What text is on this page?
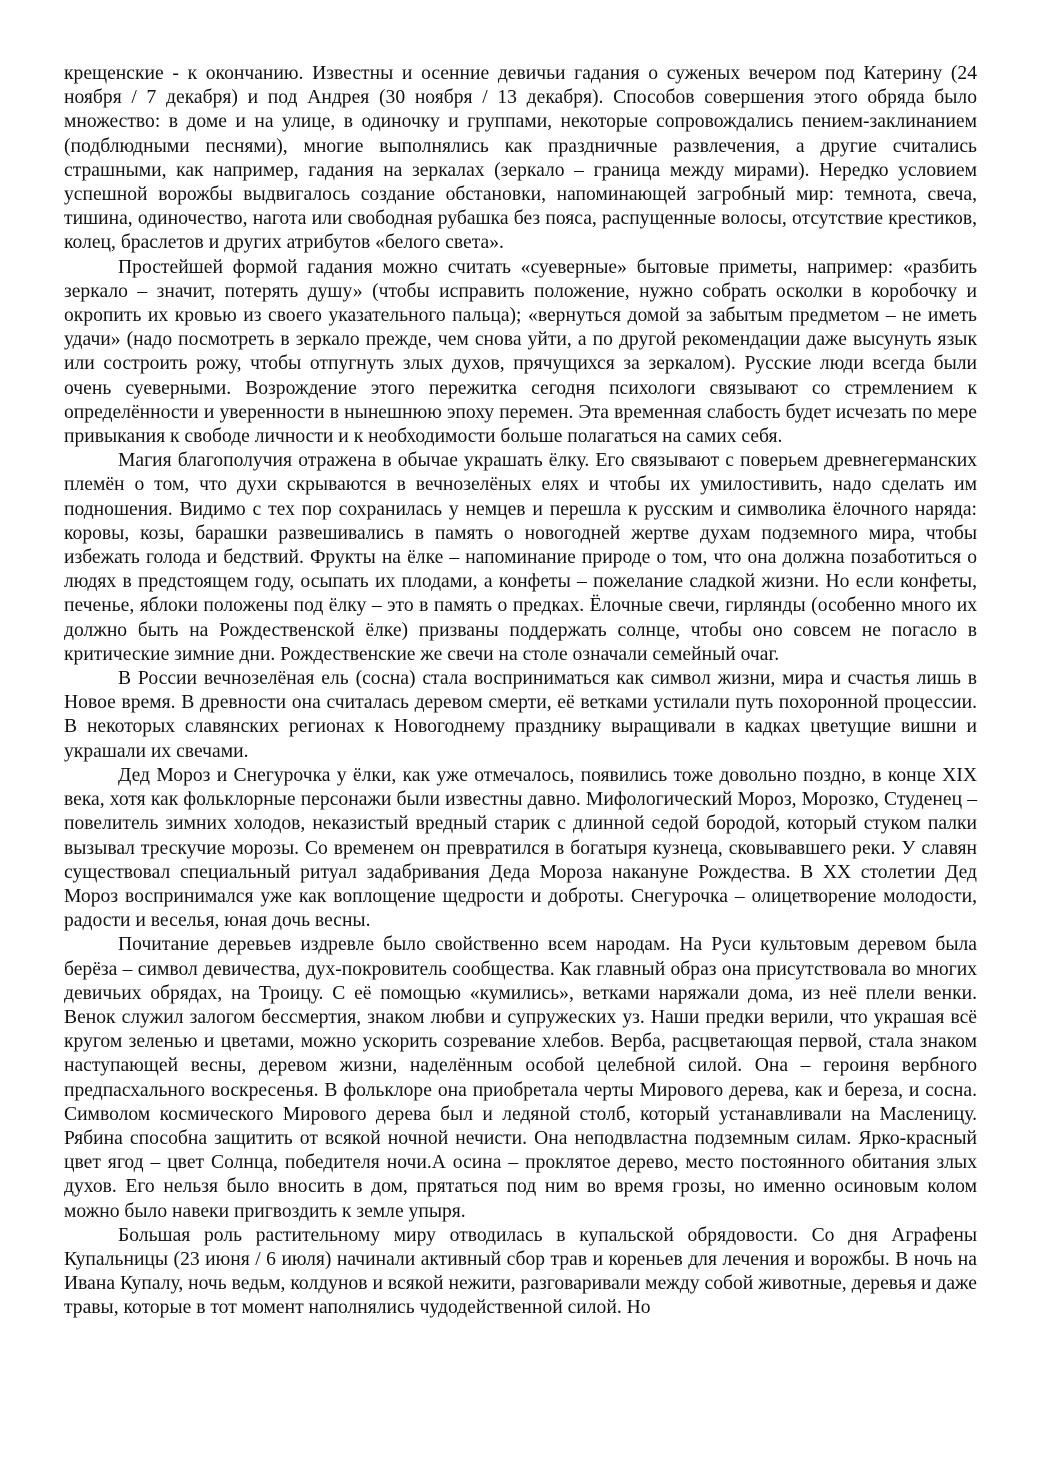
крещенские - к окончанию. Известны и осенние девичьи гадания о суженых вечером под Катерину (24 ноября / 7 декабря) и под Андрея (30 ноября / 13 декабря). Способов совершения этого обряда было множество: в доме и на улице, в одиночку и группами, некоторые сопровождались пением-заклинанием (подблюдными песнями), многие выполнялись как праздничные развлечения, а другие считались страшными, как например, гадания на зеркалах (зеркало – граница между мирами). Нередко условием успешной ворожбы выдвигалось создание обстановки, напоминающей загробный мир: темнота, свеча, тишина, одиночество, нагота или свободная рубашка без пояса, распущенные волосы, отсутствие крестиков, колец, браслетов и других атрибутов «белого света».

Простейшей формой гадания можно считать «суеверные» бытовые приметы, например: «разбить зеркало – значит, потерять душу» (чтобы исправить положение, нужно собрать осколки в коробочку и окропить их кровью из своего указательного пальца); «вернуться домой за забытым предметом – не иметь удачи» (надо посмотреть в зеркало прежде, чем снова уйти, а по другой рекомендации даже высунуть язык или состроить рожу, чтобы отпугнуть злых духов, прячущихся за зеркалом). Русские люди всегда были очень суеверными. Возрождение этого пережитка сегодня психологи связывают со стремлением к определённости и уверенности в нынешнюю эпоху перемен. Эта временная слабость будет исчезать по мере привыкания к свободе личности и к необходимости больше полагаться на самих себя.

Магия благополучия отражена в обычае украшать ёлку. Его связывают с поверьем древнегерманских племён о том, что духи скрываются в вечнозелёных елях и чтобы их умилостивить, надо сделать им подношения. Видимо с тех пор сохранилась у немцев и перешла к русским и символика ёлочного наряда: коровы, козы, барашки развешивались в память о новогодней жертве духам подземного мира, чтобы избежать голода и бедствий. Фрукты на ёлке – напоминание природе о том, что она должна позаботиться о людях в предстоящем году, осыпать их плодами, а конфеты – пожелание сладкой жизни. Но если конфеты, печенье, яблоки положены под ёлку – это в память о предках. Ёлочные свечи, гирлянды (особенно много их должно быть на Рождественской ёлке) призваны поддержать солнце, чтобы оно совсем не погасло в критические зимние дни. Рождественские же свечи на столе означали семейный очаг.

В России вечнозелёная ель (сосна) стала восприниматься как символ жизни, мира и счастья лишь в Новое время. В древности она считалась деревом смерти, её ветками устилали путь похоронной процессии. В некоторых славянских регионах к Новогоднему празднику выращивали в кадках цветущие вишни и украшали их свечами.

Дед Мороз и Снегурочка у ёлки, как уже отмечалось, появились тоже довольно поздно, в конце XIX века, хотя как фольклорные персонажи были известны давно. Мифологический Мороз, Морозко, Студенец – повелитель зимних холодов, неказистый вредный старик с длинной седой бородой, который стуком палки вызывал трескучие морозы. Со временем он превратился в богатыря кузнеца, сковывавшего реки. У славян существовал специальный ритуал задабривания Деда Мороза накануне Рождества. В XX столетии Дед Мороз воспринимался уже как воплощение щедрости и доброты. Снегурочка – олицетворение молодости, радости и веселья, юная дочь весны.

Почитание деревьев издревле было свойственно всем народам. На Руси культовым деревом была берёза – символ девичества, дух-покровитель сообщества. Как главный образ она присутствовала во многих девичьих обрядах, на Троицу. С её помощью «кумились», ветками наряжали дома, из неё плели венки. Венок служил залогом бессмертия, знаком любви и супружеских уз. Наши предки верили, что украшая всё кругом зеленью и цветами, можно ускорить созревание хлебов. Верба, расцветающая первой, стала знаком наступающей весны, деревом жизни, наделённым особой целебной силой. Она – героиня вербного предпасхального воскресенья. В фольклоре она приобретала черты Мирового дерева, как и береза, и сосна. Символом космического Мирового дерева был и ледяной столб, который устанавливали на Масленицу. Рябина способна защитить от всякой ночной нечисти. Она неподвластна подземным силам. Ярко-красный цвет ягод – цвет Солнца, победителя ночи.А осина – проклятое дерево, место постоянного обитания злых духов. Его нельзя было вносить в дом, прятаться под ним во время грозы, но именно осиновым колом можно было навеки пригвоздить к земле упыря.

Большая роль растительному миру отводилась в купальской обрядовости. Со дня Аграфены Купальницы (23 июня / 6 июля) начинали активный сбор трав и кореньев для лечения и ворожбы. В ночь на Ивана Купалу, ночь ведьм, колдунов и всякой нежити, разговаривали между собой животные, деревья и даже травы, которые в тот момент наполнялись чудодейственной силой. Но
